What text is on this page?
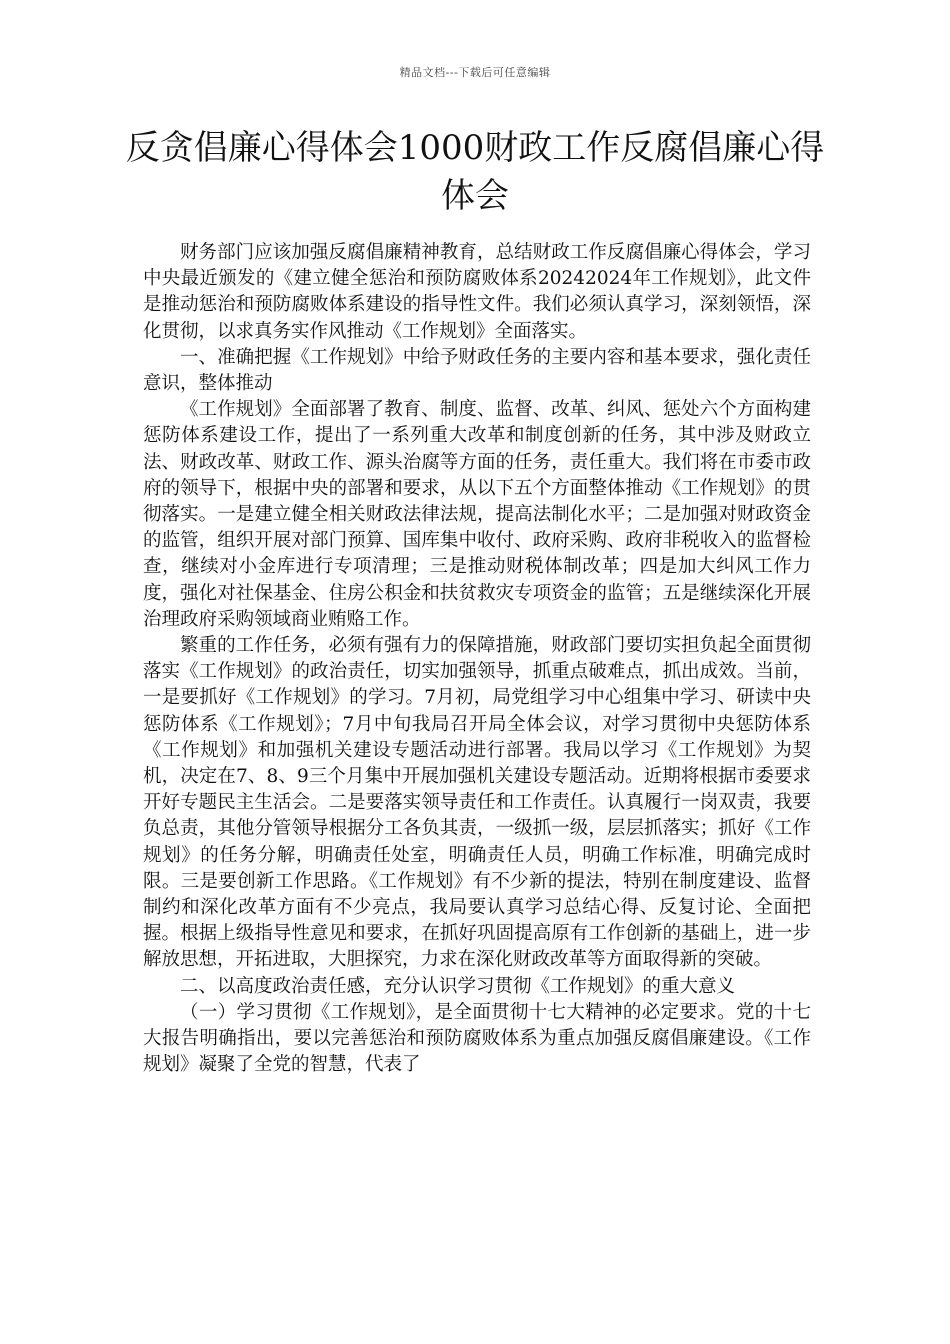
精品文档---下载后可任意编辑
反贪倡廉心得体会1000财政工作反腐倡廉心得体会

财务部门应该加强反腐倡廉精神教育，总结财政工作反腐倡廉心得体会，学习中央最近颁发的《建立健全惩治和预防腐败体系20242024年工作规划》，此文件是推动惩治和预防腐败体系建设的指导性文件。我们必须认真学习，深刻领悟，深化贯彻，以求真务实作风推动《工作规划》全面落实。

一、准确把握《工作规划》中给予财政任务的主要内容和基本要求，强化责任意识，整体推动

《工作规划》全面部署了教育、制度、监督、改革、纠风、惩处六个方面构建惩防体系建设工作，提出了一系列重大改革和制度创新的任务，其中涉及财政立法、财政改革、财政工作、源头治腐等方面的任务，责任重大。我们将在市委市政府的领导下，根据中央的部署和要求，从以下五个方面整体推动《工作规划》的贯彻落实。一是建立健全相关财政法律法规，提高法制化水平；二是加强对财政资金的监管，组织开展对部门预算、国库集中收付、政府采购、政府非税收入的监督检查，继续对小金库进行专项清理；三是推动财税体制改革；四是加大纠风工作力度，强化对社保基金、住房公积金和扶贫救灾专项资金的监管；五是继续深化开展治理政府采购领域商业贿赂工作。

繁重的工作任务，必须有强有力的保障措施，财政部门要切实担负起全面贯彻落实《工作规划》的政治责任，切实加强领导，抓重点破难点，抓出成效。当前，一是要抓好《工作规划》的学习。7月初，局党组学习中心组集中学习、研读中央惩防体系《工作规划》；7月中旬我局召开局全体会议，对学习贯彻中央惩防体系《工作规划》和加强机关建设专题活动进行部署。我局以学习《工作规划》为契机，决定在7、8、9三个月集中开展加强机关建设专题活动。近期将根据市委要求开好专题民主生活会。二是要落实领导责任和工作责任。认真履行一岗双责，我要负总责，其他分管领导根据分工各负其责，一级抓一级，层层抓落实；抓好《工作规划》的任务分解，明确责任处室，明确责任人员，明确工作标准，明确完成时限。三是要创新工作思路。《工作规划》有不少新的提法，特别在制度建设、监督制约和深化改革方面有不少亮点，我局要认真学习总结心得、反复讨论、全面把握。根据上级指导性意见和要求，在抓好巩固提高原有工作创新的基础上，进一步解放思想，开拓进取，大胆探究，力求在深化财政改革等方面取得新的突破。

二、以高度政治责任感，充分认识学习贯彻《工作规划》的重大意义

（一）学习贯彻《工作规划》，是全面贯彻十七大精神的必定要求。党的十七大报告明确指出，要以完善惩治和预防腐败体系为重点加强反腐倡廉建设。《工作规划》凝聚了全党的智慧，代表了
